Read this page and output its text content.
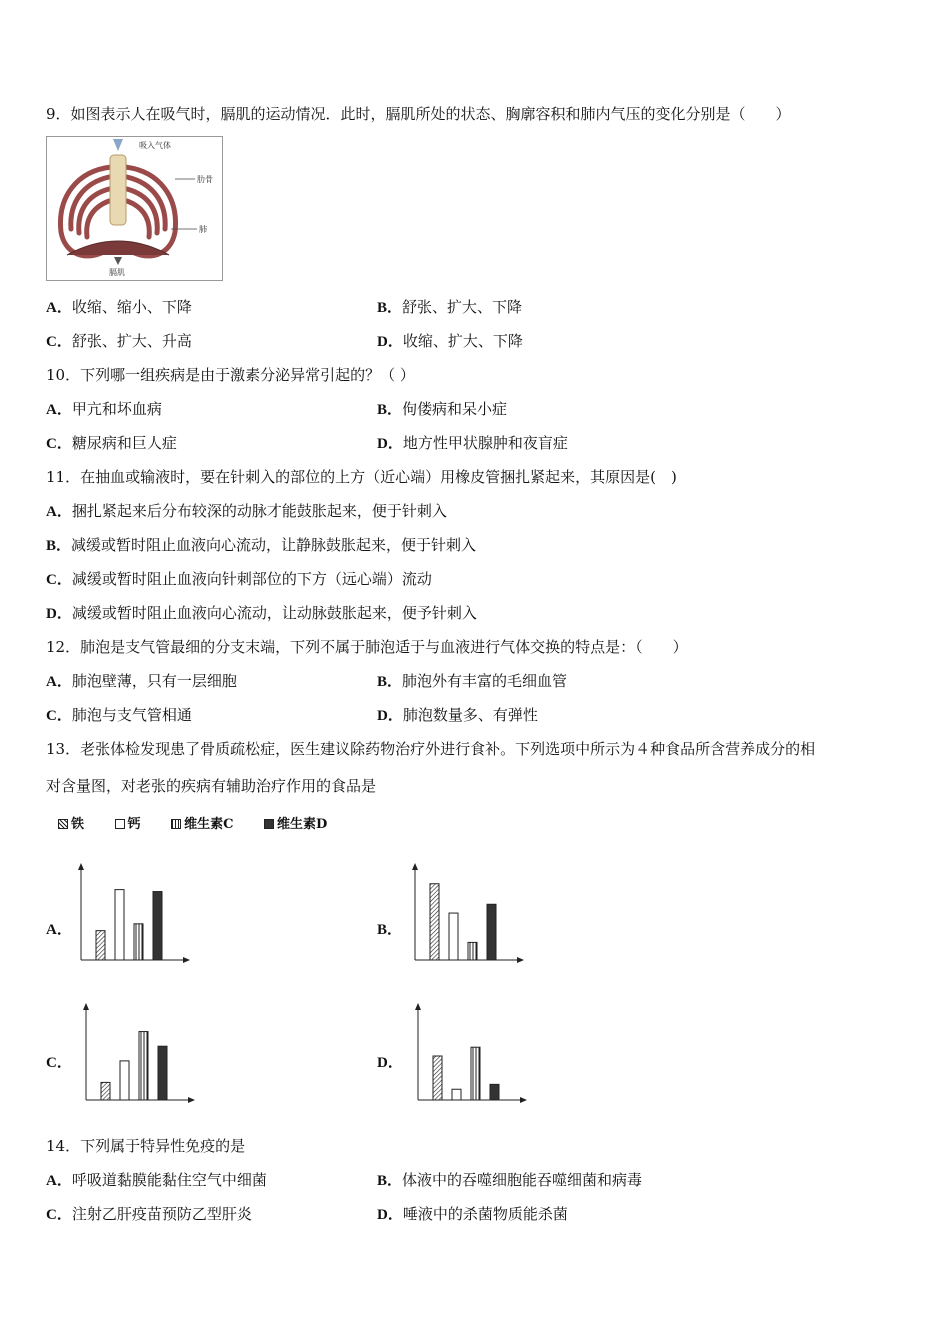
9．如图表示人在吸气时，膈肌的运动情况．此时，膈肌所处的状态、胸廓容积和肺内气压的变化分别是（　　）
吸入气体
肋骨
肺
膈肌
A．收缩、缩小、下降	B．舒张、扩大、下降
C．舒张、扩大、升高	D．收缩、扩大、下降
10．下列哪一组疾病是由于激素分泌异常引起的？（ ）
A．甲亢和坏血病	B．佝偻病和呆小症
C．糖尿病和巨人症	D．地方性甲状腺肿和夜盲症
11．在抽血或输液时，要在针刺入的部位的上方（近心端）用橡皮管捆扎紧起来，其原因是(　)
A．捆扎紧起来后分布较深的动脉才能鼓胀起来，便于针刺入
B．减缓或暂时阻止血液向心流动，让静脉鼓胀起来，便于针刺入
C．减缓或暂时阻止血液向针刺部位的下方（远心端）流动
D．减缓或暂时阻止血液向心流动，让动脉鼓胀起来，便予针刺入
12．肺泡是支气管最细的分支末端，下列不属于肺泡适于与血液进行气体交换的特点是：（　　）
A．肺泡壁薄，只有一层细胞	B．肺泡外有丰富的毛细血管
C．肺泡与支气管相通	D．肺泡数量多、有弹性
13．老张体检发现患了骨质疏松症，医生建议除药物治疗外进行食补。下列选项中所示为４种食品所含营养成分的相
对含量图，对老张的疾病有辅助治疗作用的食品是
铁	钙	维生素C	维生素D
A．	B．
C．	D．
14．下列属于特异性免疫的是
A．呼吸道黏膜能黏住空气中细菌	B．体液中的吞噬细胞能吞噬细菌和病毒
C．注射乙肝疫苗预防乙型肝炎	D．唾液中的杀菌物质能杀菌
